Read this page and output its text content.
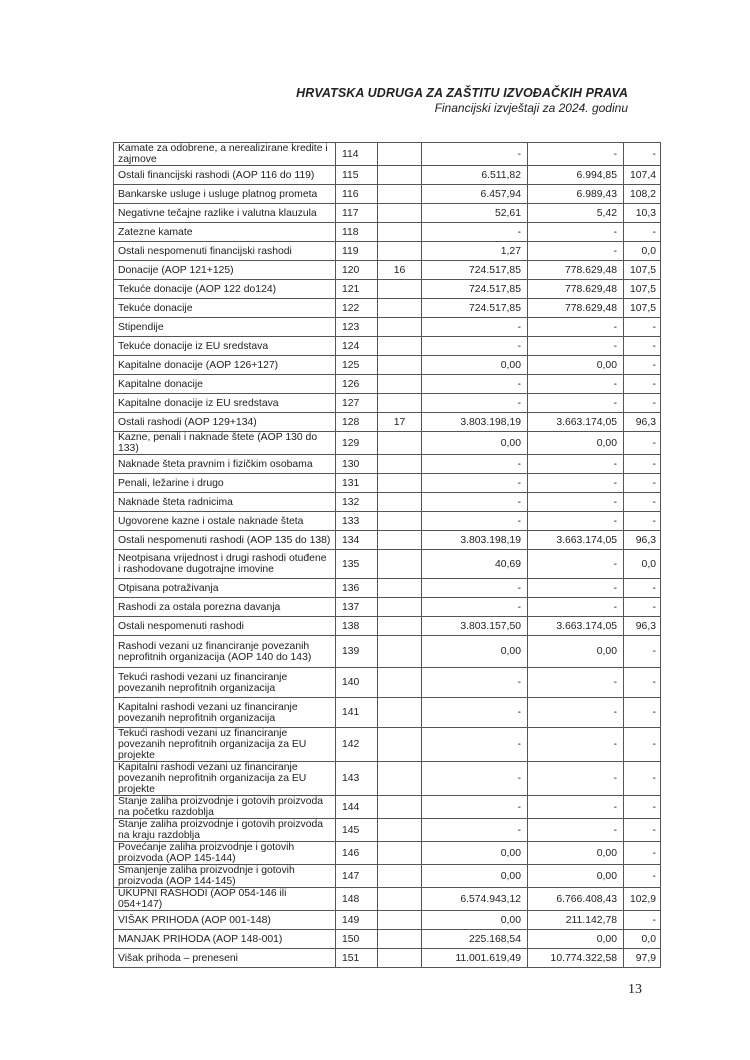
HRVATSKA UDRUGA ZA ZAŠTITU IZVOĐAČKIH PRAVA
Financijski izvještaji za 2024. godinu
Kamate za odobrene, a nerealizirane kredite i zajmove	114		-	-	-
Ostali financijski rashodi (AOP 116 do 119)	115		6.511,82	6.994,85	107,4
Bankarske usluge i usluge platnog prometa	116		6.457,94	6.989,43	108,2
Negativne tečajne razlike i valutna klauzula	117		52,61	5,42	10,3
Zatezne kamate	118		-	-	-
Ostali nespomenuti financijski rashodi	119		1,27	-	0,0
Donacije (AOP 121+125)	120	16	724.517,85	778.629,48	107,5
Tekuće donacije (AOP 122 do124)	121		724.517,85	778.629,48	107,5
Tekuće donacije	122		724.517,85	778.629,48	107,5
Stipendije	123		-	-	-
Tekuće donacije iz EU sredstava	124		-	-	-
Kapitalne donacije (AOP 126+127)	125		0,00	0,00	-
Kapitalne donacije	126		-	-	-
Kapitalne donacije iz EU sredstava	127		-	-	-
Ostali rashodi (AOP 129+134)	128	17	3.803.198,19	3.663.174,05	96,3
Kazne, penali i naknade štete (AOP 130 do 133)	129		0,00	0,00	-
Naknade šteta pravnim i fizičkim osobama	130		-	-	-
Penali, ležarine i drugo	131		-	-	-
Naknade šteta radnicima	132		-	-	-
Ugovorene kazne i ostale naknade šteta	133		-	-	-
Ostali nespomenuti rashodi (AOP 135 do 138)	134		3.803.198,19	3.663.174,05	96,3
Neotpisana vrijednost i drugi rashodi otuđene i rashodovane dugotrajne imovine	135		40,69	-	0,0
Otpisana potraživanja	136		-	-	-
Rashodi za ostala porezna davanja	137		-	-	-
Ostali nespomenuti rashodi	138		3.803.157,50	3.663.174,05	96,3
Rashodi vezani uz financiranje povezanih neprofitnih organizacija (AOP 140 do 143)	139		0,00	0,00	-
Tekući rashodi vezani uz financiranje povezanih neprofitnih organizacija	140		-	-	-
Kapitalni rashodi vezani uz financiranje povezanih neprofitnih organizacija	141		-	-	-
Tekući rashodi vezani uz financiranje povezanih neprofitnih organizacija za EU projekte	142		-	-	-
Kapitalni rashodi vezani uz financiranje povezanih neprofitnih organizacija za EU projekte	143		-	-	-
Stanje zaliha proizvodnje i gotovih proizvoda na početku razdoblja	144		-	-	-
Stanje zaliha proizvodnje i gotovih proizvoda na kraju razdoblja	145		-	-	-
Povećanje zaliha proizvodnje i gotovih proizvoda (AOP 145-144)	146		0,00	0,00	-
Smanjenje zaliha proizvodnje i gotovih proizvoda (AOP 144-145)	147		0,00	0,00	-
UKUPNI RASHODI (AOP 054-146 ili 054+147)	148		6.574.943,12	6.766.408,43	102,9
VIŠAK PRIHODA (AOP 001-148)	149		0,00	211.142,78	-
MANJAK PRIHODA (AOP 148-001)	150		225.168,54	0,00	0,0
Višak prihoda – preneseni	151		11.001.619,49	10.774.322,58	97,9
13
